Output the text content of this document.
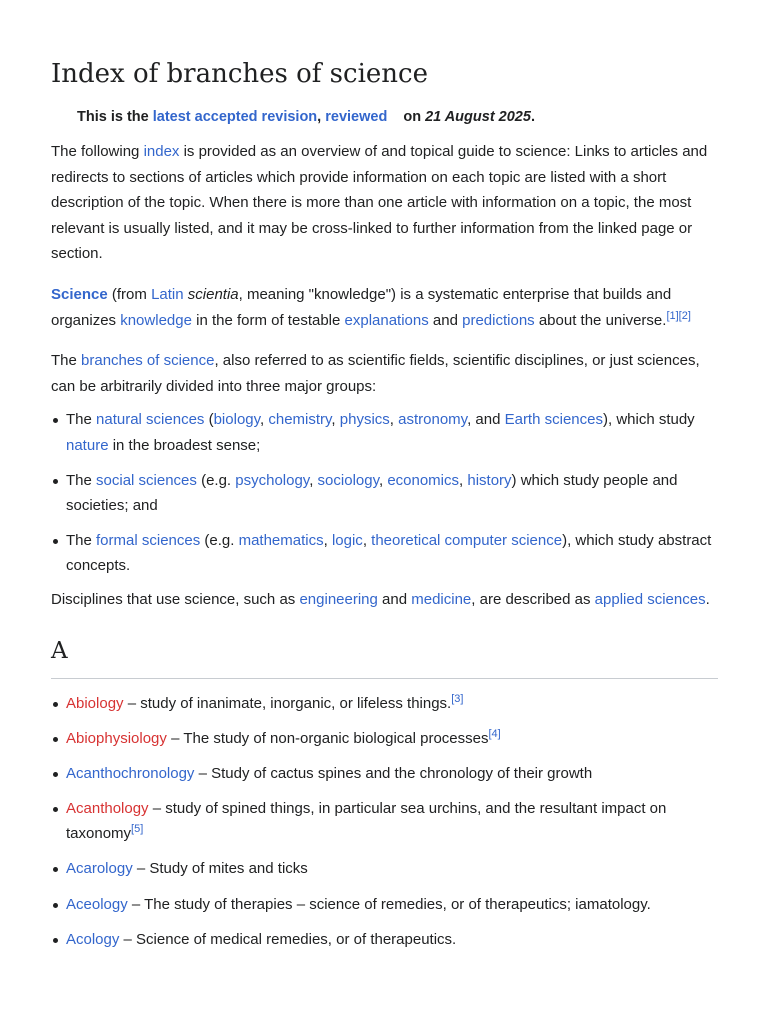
Index of branches of science
This is the latest accepted revision, reviewed on 21 August 2025.

The following index is provided as an overview of and topical guide to science: Links to articles and redirects to sections of articles which provide information on each topic are listed with a short description of the topic. When there is more than one article with information on a topic, the most relevant is usually listed, and it may be cross-linked to further information from the linked page or section.

Science (from Latin scientia, meaning "knowledge") is a systematic enterprise that builds and organizes knowledge in the form of testable explanations and predictions about the universe.[1][2]

The branches of science, also referred to as scientific fields, scientific disciplines, or just sciences, can be arbitrarily divided into three major groups:

The natural sciences (biology, chemistry, physics, astronomy, and Earth sciences), which study nature in the broadest sense;
The social sciences (e.g. psychology, sociology, economics, history) which study people and societies; and
The formal sciences (e.g. mathematics, logic, theoretical computer science), which study abstract concepts.

Disciplines that use science, such as engineering and medicine, are described as applied sciences.

A
Abiology – study of inanimate, inorganic, or lifeless things.[3]
Abiophysiology – The study of non-organic biological processes[4]
Acanthochronology – Study of cactus spines and the chronology of their growth
Acanthology – study of spined things, in particular sea urchins, and the resultant impact on taxonomy[5]
Acarology – Study of mites and ticks
Aceology – The study of therapies – science of remedies, or of therapeutics; iamatology.
Acology – Science of medical remedies, or of therapeutics.
